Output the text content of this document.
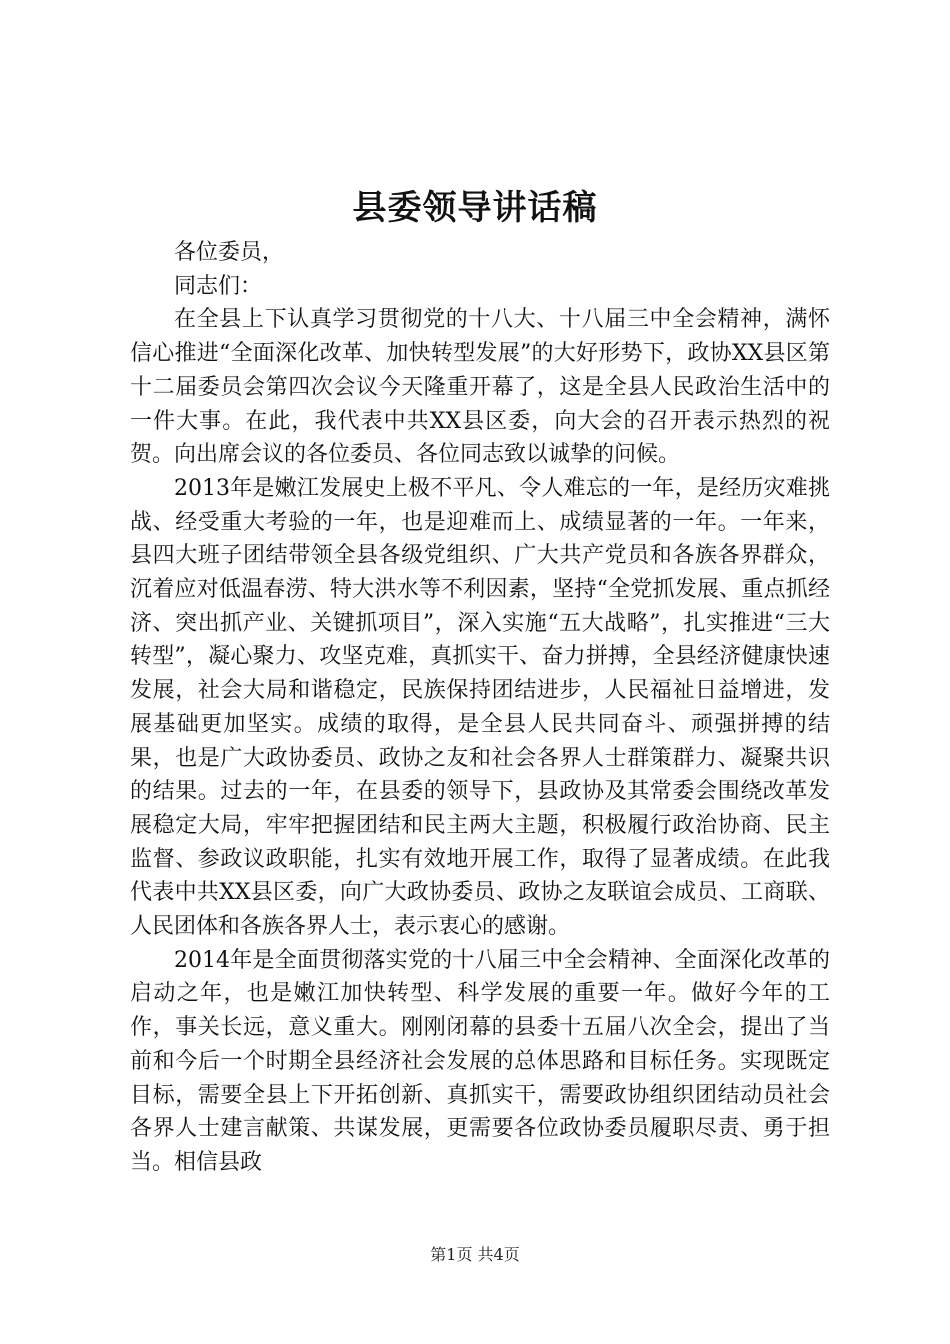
县委领导讲话稿

各位委员，

同志们：

在全县上下认真学习贯彻党的十八大、十八届三中全会精神，满怀信心推进“全面深化改革、加快转型发展”的大好形势下，政协XX县区第十二届委员会第四次会议今天隆重开幕了，这是全县人民政治生活中的一件大事。在此，我代表中共XX县区委，向大会的召开表示热烈的祝贺。向出席会议的各位委员、各位同志致以诚挚的问候。

2013年是嫩江发展史上极不平凡、令人难忘的一年，是经历灾难挑战、经受重大考验的一年，也是迎难而上、成绩显著的一年。一年来，县四大班子团结带领全县各级党组织、广大共产党员和各族各界群众，沉着应对低温春涝、特大洪水等不利因素，坚持“全党抓发展、重点抓经济、突出抓产业、关键抓项目”，深入实施“五大战略”，扎实推进“三大转型”，凝心聚力、攻坚克难，真抓实干、奋力拼搏，全县经济健康快速发展，社会大局和谐稳定，民族保持团结进步，人民福祉日益增进，发展基础更加坚实。成绩的取得，是全县人民共同奋斗、顽强拼搏的结果，也是广大政协委员、政协之友和社会各界人士群策群力、凝聚共识的结果。过去的一年，在县委的领导下，县政协及其常委会围绕改革发展稳定大局，牢牢把握团结和民主两大主题，积极履行政治协商、民主监督、参政议政职能，扎实有效地开展工作，取得了显著成绩。在此我代表中共XX县区委，向广大政协委员、政协之友联谊会成员、工商联、人民团体和各族各界人士，表示衷心的感谢。

2014年是全面贯彻落实党的十八届三中全会精神、全面深化改革的启动之年，也是嫩江加快转型、科学发展的重要一年。做好今年的工作，事关长远，意义重大。刚刚闭幕的县委十五届八次全会，提出了当前和今后一个时期全县经济社会发展的总体思路和目标任务。实现既定目标，需要全县上下开拓创新、真抓实干，需要政协组织团结动员社会各界人士建言献策、共谋发展，更需要各位政协委员履职尽责、勇于担当。相信县政

第1页 共4页
